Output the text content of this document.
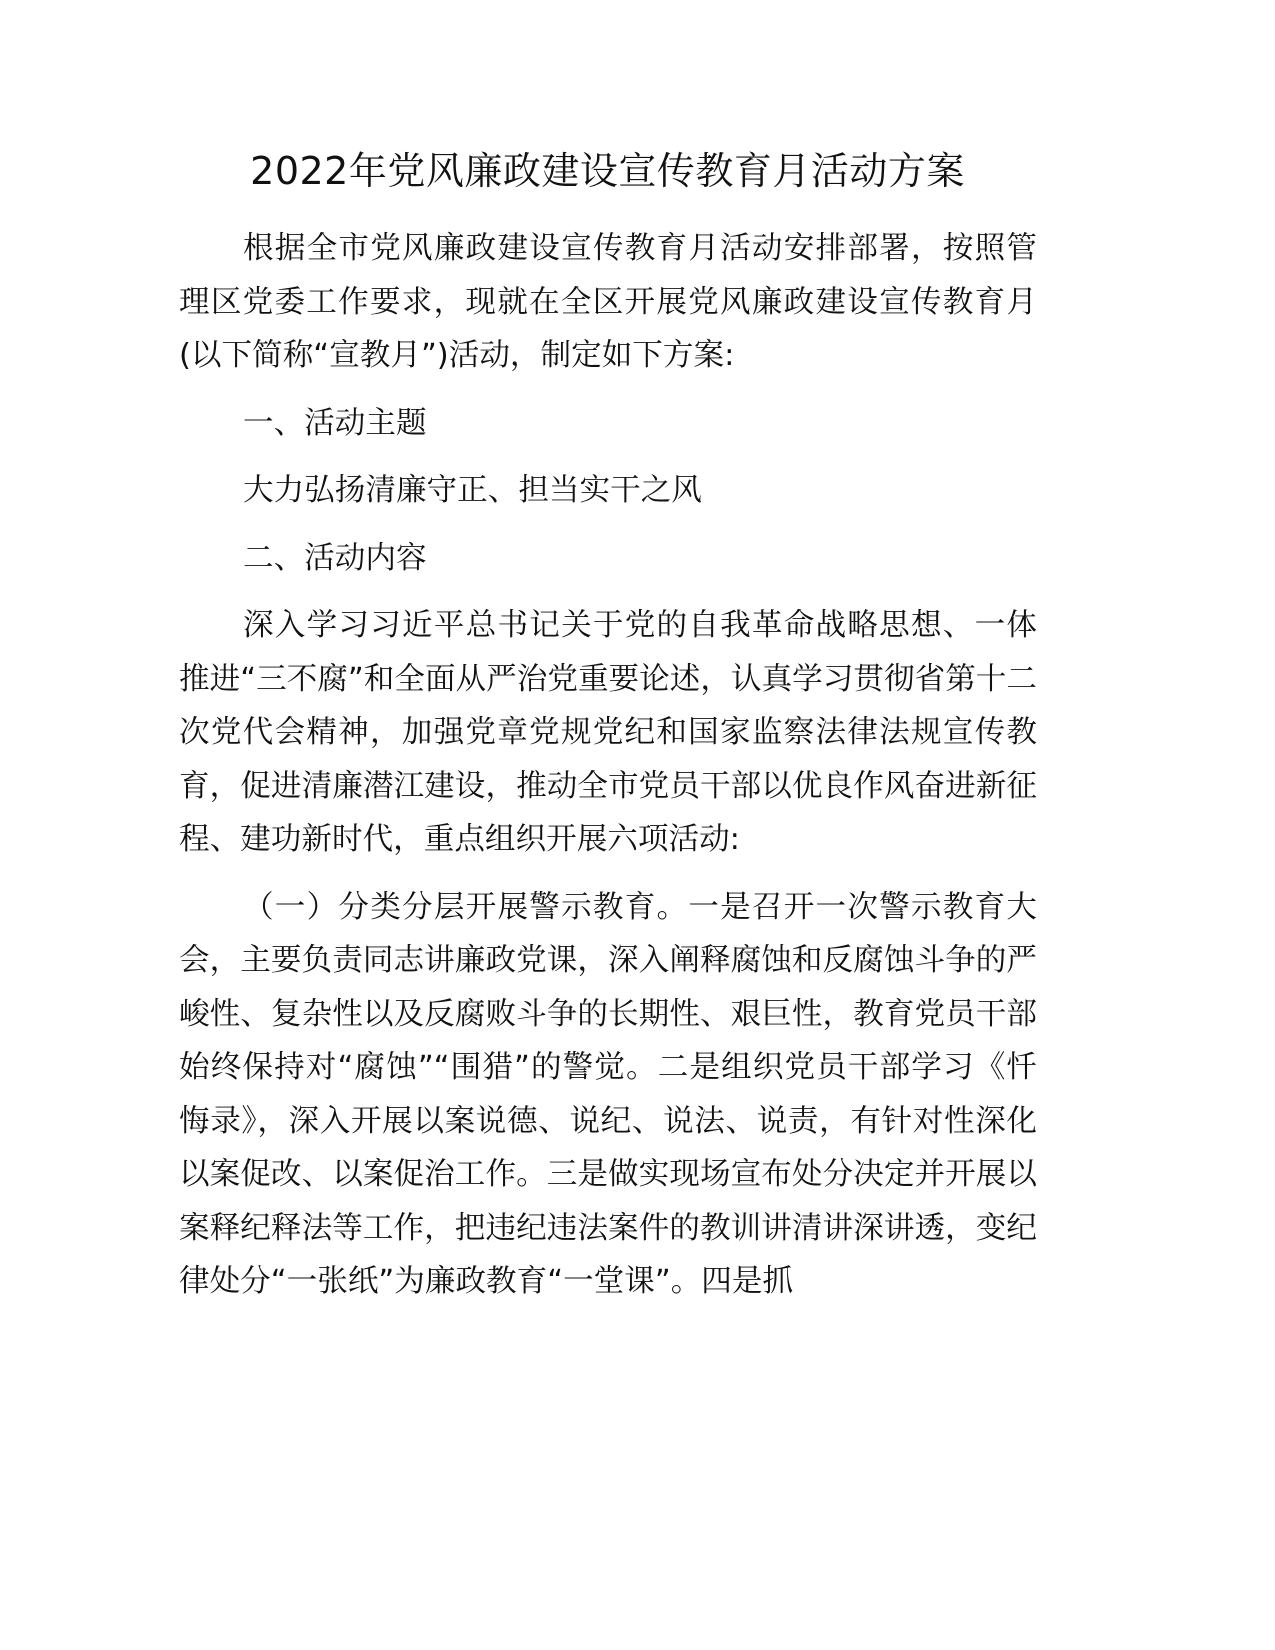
2022年党风廉政建设宣传教育月活动方案

根据全市党风廉政建设宣传教育月活动安排部署，按照管理区党委工作要求，现就在全区开展党风廉政建设宣传教育月(以下简称“宣教月”)活动，制定如下方案:

一、活动主题

大力弘扬清廉守正、担当实干之风

二、活动内容

深入学习习近平总书记关于党的自我革命战略思想、一体推进“三不腐”和全面从严治党重要论述，认真学习贯彻省第十二次党代会精神，加强党章党规党纪和国家监察法律法规宣传教育，促进清廉潜江建设，推动全市党员干部以优良作风奋进新征程、建功新时代，重点组织开展六项活动:

（一）分类分层开展警示教育。一是召开一次警示教育大会，主要负责同志讲廉政党课，深入阐释腐蚀和反腐蚀斗争的严峻性、复杂性以及反腐败斗争的长期性、艰巨性，教育党员干部始终保持对“腐蚀”“围猎”的警觉。二是组织党员干部学习《忏悔录》，深入开展以案说德、说纪、说法、说责，有针对性深化以案促改、以案促治工作。三是做实现场宣布处分决定并开展以案释纪释法等工作，把违纪违法案件的教训讲清讲深讲透，变纪律处分“一张纸”为廉政教育“一堂课”。四是抓
